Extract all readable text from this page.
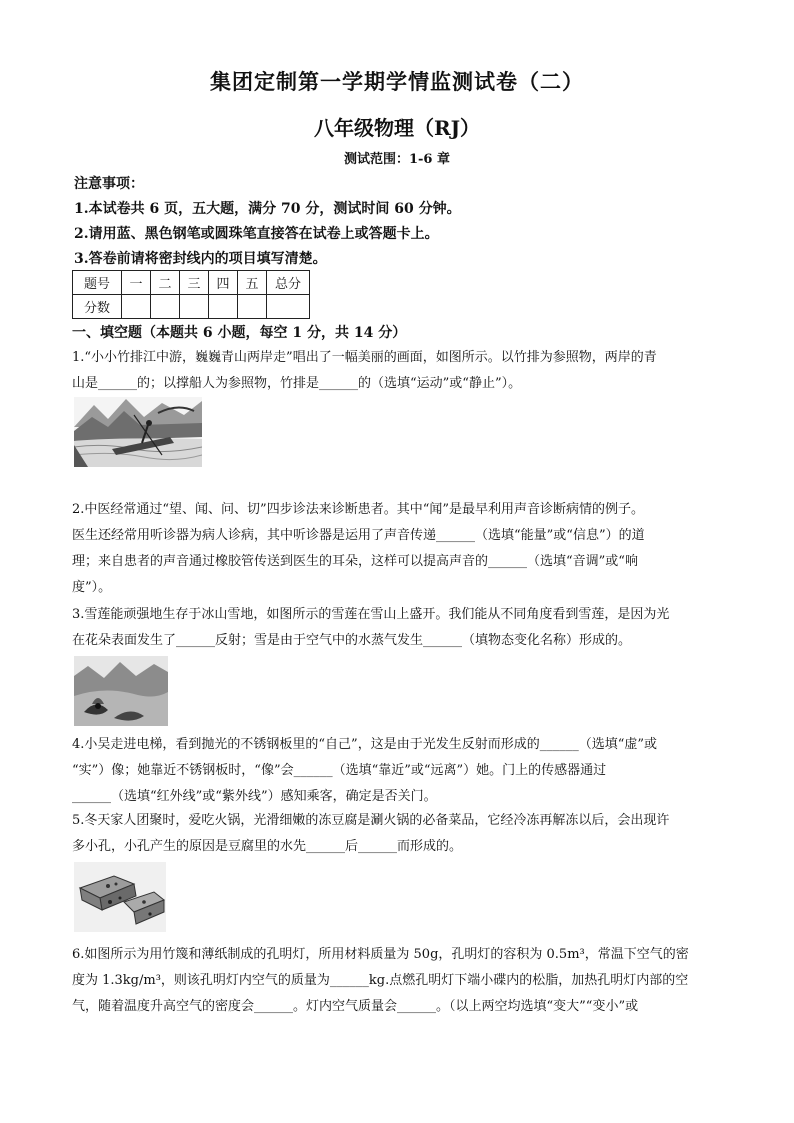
集团定制第一学期学情监测试卷（二）
八年级物理（RJ）
测试范围：1-6 章
注意事项：
1.本试卷共 6 页，五大题，满分 70 分，测试时间 60 分钟。
2.请用蓝、黑色钢笔或圆珠笔直接答在试卷上或答题卡上。
3.答卷前请将密封线内的项目填写清楚。
题号	一	二	三	四	五	总分
分数						
一、填空题（本题共 6 小题，每空 1 分，共 14 分）
1.“小小竹排江中游，巍巍青山两岸走”唱出了一幅美丽的画面，如图所示。以竹排为参照物，两岸的青
山是______的；以撑船人为参照物，竹排是______的（选填“运动”或“静止”）。
2.中医经常通过“望、闻、问、切”四步诊法来诊断患者。其中“闻”是最早利用声音诊断病情的例子。
医生还经常用听诊器为病人诊病，其中听诊器是运用了声音传递______（选填“能量”或“信息”）的道
理；来自患者的声音通过橡胶管传送到医生的耳朵，这样可以提高声音的______（选填“音调”或“响
度”）。
3.雪莲能顽强地生存于冰山雪地，如图所示的雪莲在雪山上盛开。我们能从不同角度看到雪莲，是因为光
在花朵表面发生了______反射；雪是由于空气中的水蒸气发生______（填物态变化名称）形成的。
4.小吴走进电梯，看到抛光的不锈钢板里的“自己”，这是由于光发生反射而形成的______（选填“虚”或
“实”）像；她靠近不锈钢板时，“像”会______（选填“靠近”或“远离”）她。门上的传感器通过
______（选填“红外线”或“紫外线”）感知乘客，确定是否关门。
5.冬天家人团聚时，爱吃火锅，光滑细嫩的冻豆腐是涮火锅的必备菜品，它经冷冻再解冻以后，会出现许
多小孔，小孔产生的原因是豆腐里的水先______后______而形成的。
6.如图所示为用竹篾和薄纸制成的孔明灯，所用材料质量为 50g，孔明灯的容积为 0.5m³，常温下空气的密
度为 1.3kg/m³，则该孔明灯内空气的质量为______kg.点燃孔明灯下端小碟内的松脂，加热孔明灯内部的空
气，随着温度升高空气的密度会______。灯内空气质量会______。（以上两空均选填“变大”“变小”或
